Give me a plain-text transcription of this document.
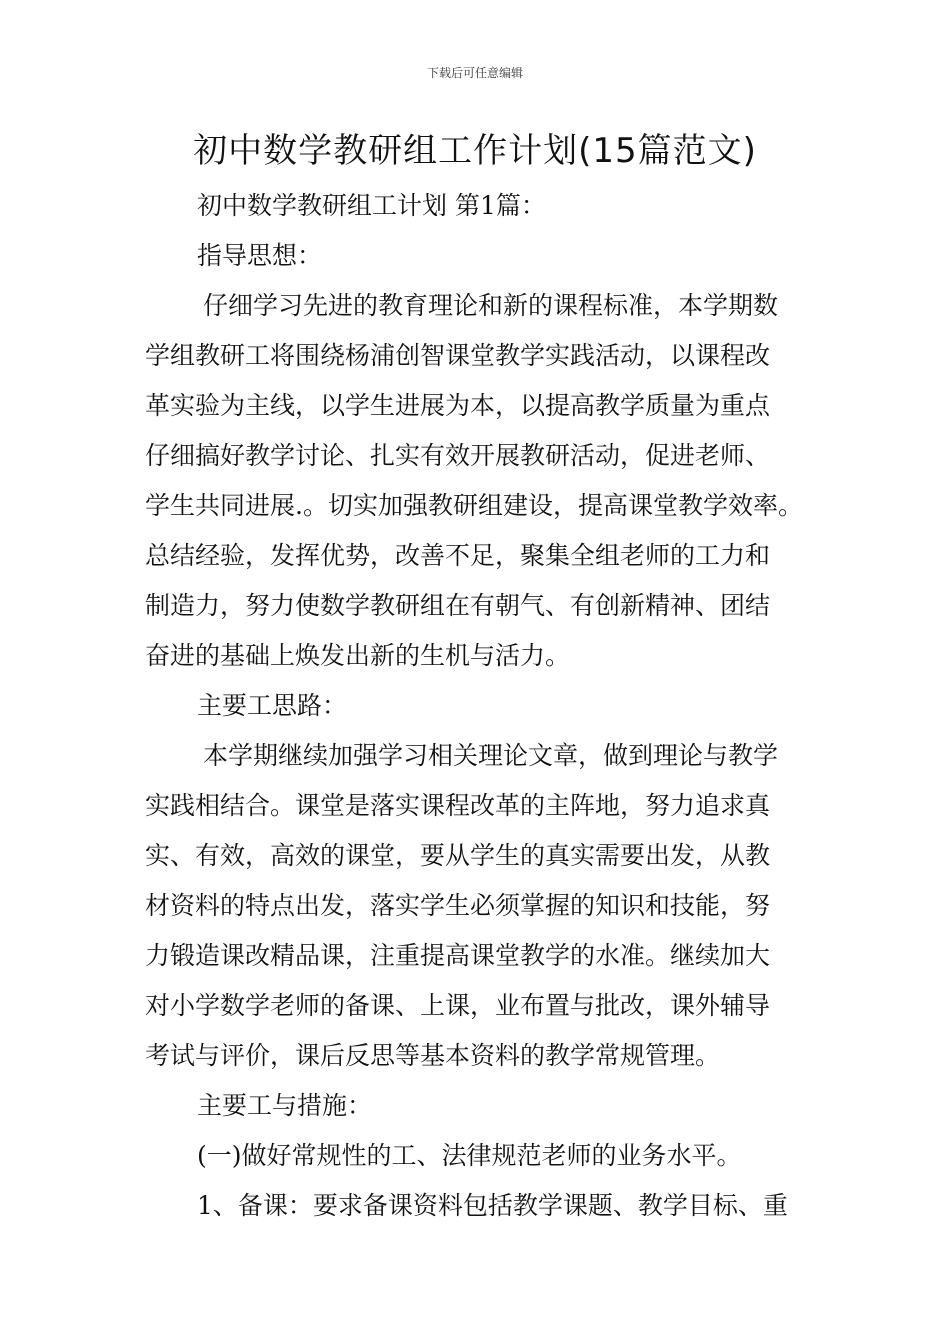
下载后可任意编辑
初中数学教研组工作计划(15篇范文)
初中数学教研组工计划 第1篇：
指导思想：
仔细学习先进的教育理论和新的课程标准，本学期数
学组教研工将围绕杨浦创智课堂教学实践活动，以课程改
革实验为主线，以学生进展为本，以提高教学质量为重点
仔细搞好教学讨论、扎实有效开展教研活动，促进老师、
学生共同进展.。切实加强教研组建设，提高课堂教学效率。
总结经验，发挥优势，改善不足，聚集全组老师的工力和
制造力，努力使数学教研组在有朝气、有创新精神、团结
奋进的基础上焕发出新的生机与活力。
主要工思路：
本学期继续加强学习相关理论文章，做到理论与教学
实践相结合。课堂是落实课程改革的主阵地，努力追求真
实、有效，高效的课堂，要从学生的真实需要出发，从教
材资料的特点出发，落实学生必须掌握的知识和技能，努
力锻造课改精品课，注重提高课堂教学的水准。继续加大
对小学数学老师的备课、上课，业布置与批改，课外辅导
考试与评价，课后反思等基本资料的教学常规管理。
主要工与措施：
(一)做好常规性的工、法律规范老师的业务水平。
1、备课：要求备课资料包括教学课题、教学目标、重
